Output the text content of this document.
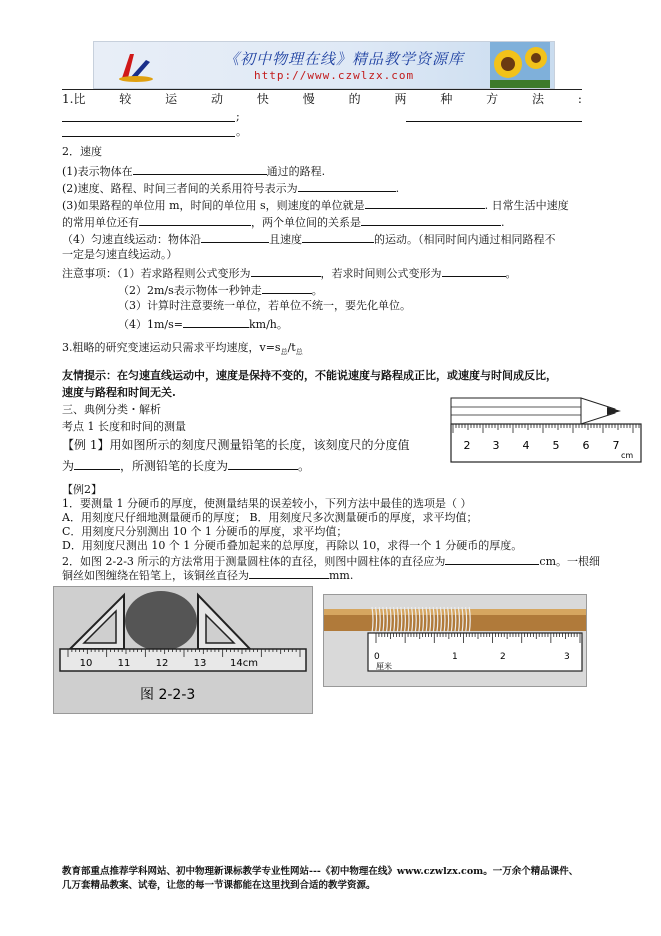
《初中物理在线》精品教学资源库
http://www.czwlzx.com
1.比	较	运	动	快	慢	的	两	种	方	法	:
;
。
2．速度
(1)表示物体在	通过的路程.
(2)速度、路程、时间三者间的关系用符号表示为	.
(3)如果路程的单位用 m，时间的单位用 s，则速度的单位就是	. 日常生活中速度
的常用单位还有	，两个单位间的关系是	.
（4）匀速直线运动：物体沿	且速度	的运动。（相同时间内通过相同路程不
一定是匀速直线运动。）
注意事项：（1）若求路程则公式变形为	，若求时间则公式变形为	。
（2）2m/s表示物体一秒钟走	。
（3）计算时注意要统一单位，若单位不统一，要先化单位。
（4）1m/s=	km/h。
3.粗略的研究变速运动只需求平均速度，$v=s_总/t_总$
友情提示：在匀速直线运动中，速度是保持不变的，不能说速度与路程成正比，或速度与时间成反比，
速度与路程和时间无关.
三、典例分类・解析
考点 1 长度和时间的测量
【例 1】用如图所示的刻度尺测量铅笔的长度，该刻度尺的分度值
为	，所测铅笔的长度为	。
2 3 4 5 6 7
cm
【例2】
1．要测量 1 分硬币的厚度，使测量结果的误差较小，下列方法中最佳的选项是（ ）
A．用刻度尺仔细地测量硬币的厚度； B．用刻度尺多次测量硬币的厚度，求平均值；
C．用刻度尺分别测出 10 个 1 分硬币的厚度，求平均值；
D．用刻度尺测出 10 个 1 分硬币叠加起来的总厚度，再除以 10，求得一个 1 分硬币的厚度。
2．如图 2-2-3 所示的方法常用于测量圆柱体的直径，则图中圆柱体的直径应为	cm。一根细
铜丝如图缠绕在铅笔上，该铜丝直径为	mm.
10	11	12	13 14cm
图 2-2-3
0	1	2	3
厘米
教育部重点推荐学科网站、初中物理新课标教学专业性网站---《初中物理在线》www.czwlzx.com。一万余个精品课件、
几万套精品教案、试卷，让您的每一节课都能在这里找到合适的教学资源。
